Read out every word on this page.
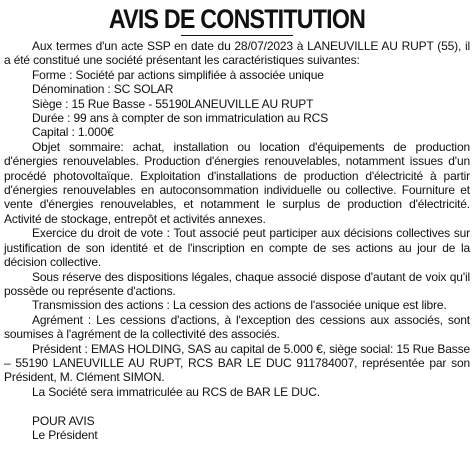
AVIS DE CONSTITUTION

Aux termes d'un acte SSP en date du 28/07/2023 à LANEUVILLE AU RUPT (55), il a été constitué une société présentant les caractéristiques suivantes:

Forme : Société par actions simplifiée à associée unique

Dénomination : SC SOLAR

Siège : 15 Rue Basse - 55190LANEUVILLE AU RUPT

Durée : 99 ans à compter de son immatriculation au RCS

Capital : 1.000€

Objet sommaire: achat, installation ou location d'équipements de production d'énergies renouvelables. Production d'énergies renouvelables, notamment issues d'un procédé photovoltaïque. Exploitation d'installations de production d'électricité à partir d'énergies renouvelables en autoconsommation individuelle ou collective. Fourniture et vente d'énergies renouvelables, et notamment le surplus de production d'électricité. Activité de stockage, entrepôt et activités annexes.

Exercice du droit de vote : Tout associé peut participer aux décisions collectives sur justification de son identité et de l'inscription en compte de ses actions au jour de la décision collective.

Sous réserve des dispositions légales, chaque associé dispose d'autant de voix qu'il possède ou représente d'actions.

Transmission des actions : La cession des actions de l'associée unique est libre.

Agrément : Les cessions d'actions, à l'exception des cessions aux associés, sont soumises à l'agrément de la collectivité des associés.

Président : EMAS HOLDING, SAS au capital de 5.000 €, siège social: 15 Rue Basse – 55190 LANEUVILLE AU RUPT, RCS BAR LE DUC 911784007, représentée par son Président, M. Clément SIMON.

La Société sera immatriculée au RCS de BAR LE DUC.

POUR AVIS

Le Président
